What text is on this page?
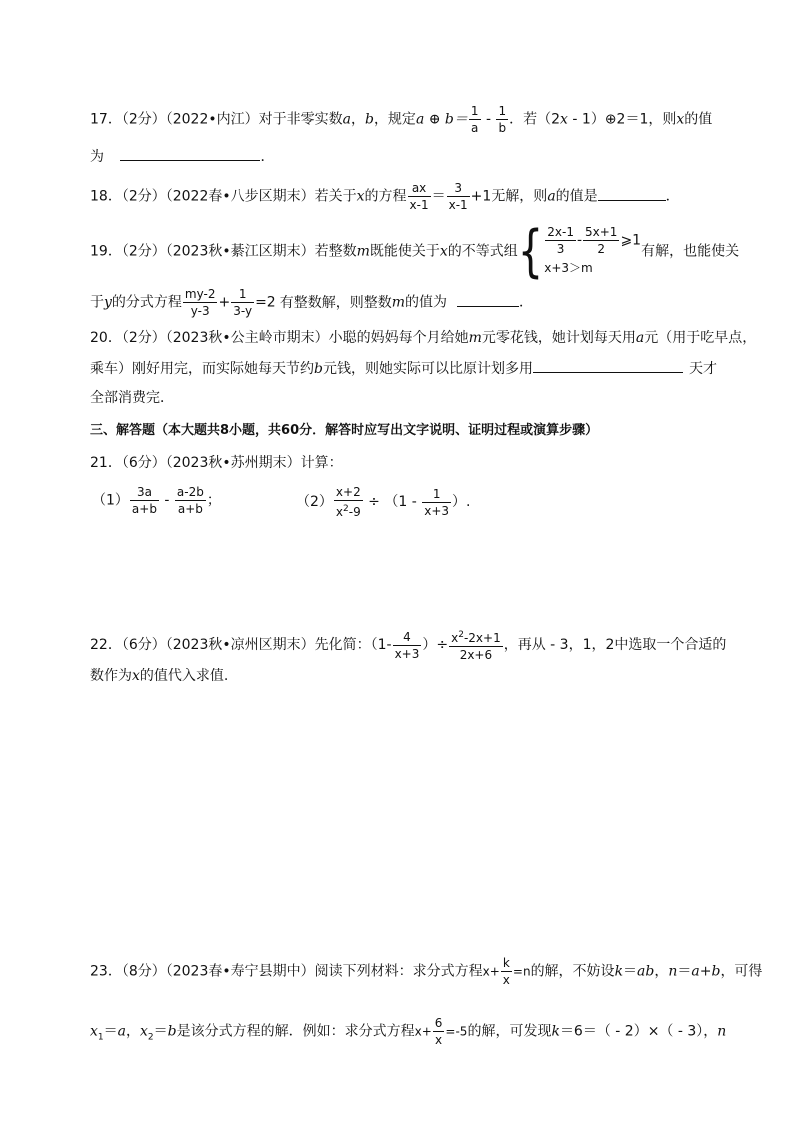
17．（2分）（2022•内江）对于非零实数a，b，规定a ⊕ $b= \frac{1}{a} - \frac{1}{b}$ ．若（2x - 1）⊕2＝1，则x的值
为	．
18．（2分）（2022春•八步区期末）若关于x的方程 $\frac{ax}{x-1} = \frac{3}{x-1} +1$无解，则a的值是	．
19．（2分）（2023秋•綦江区期末）若整数m既能使关于x的不等式组{ $\frac{2x-1}{3} - \frac{5x+1}{2}$ ⩾1
x+3＞m
有解，也能使关
于y的分式方程 $\frac{my-2}{y-3} + \frac{1}{3-y} =2$ 有整数解，则整数m的值为	．
20．（2分）（2023秋•公主岭市期末）小聪的妈妈每个月给她m元零花钱，她计划每天用a元（用于吃早点，
乘车）刚好用完，而实际她每天节约b元钱，则她实际可以比原计划多用	天才
全部消费完．
三、解答题（本大题共8小题，共60分．解答时应写出文字说明、证明过程或演算步骤）
21．（6分）（2023秋•苏州期末）计算：
$(1) \frac{3a}{a+b} - \frac{a-2b}{a+b}$ ；	$(2) \frac{x+2}{x^2-9} \div (1 - \frac{1}{x+3}$ ）.
22．（6分）（2023秋•凉州区期末）先化简：（$1- \frac{4}{x+3}$ ）÷ $\frac{x^2-2x+1}{2x+6}$ ，再从 - 3，1，2中选取一个合适的
数作为x的值代入求值.
23．（8分）（2023春•寿宁县期中）阅读下列材料：求分式方程$x+ \frac{k}{x} =n$的解，不妨设k＝ab，n＝a+b，可得
$x_1=a$，$x_2=b$是该分式方程的解．例如：求分式方程$x+ \frac{6}{x} =-5$的解，可发现k＝6＝（ - 2）×（ - 3），n
